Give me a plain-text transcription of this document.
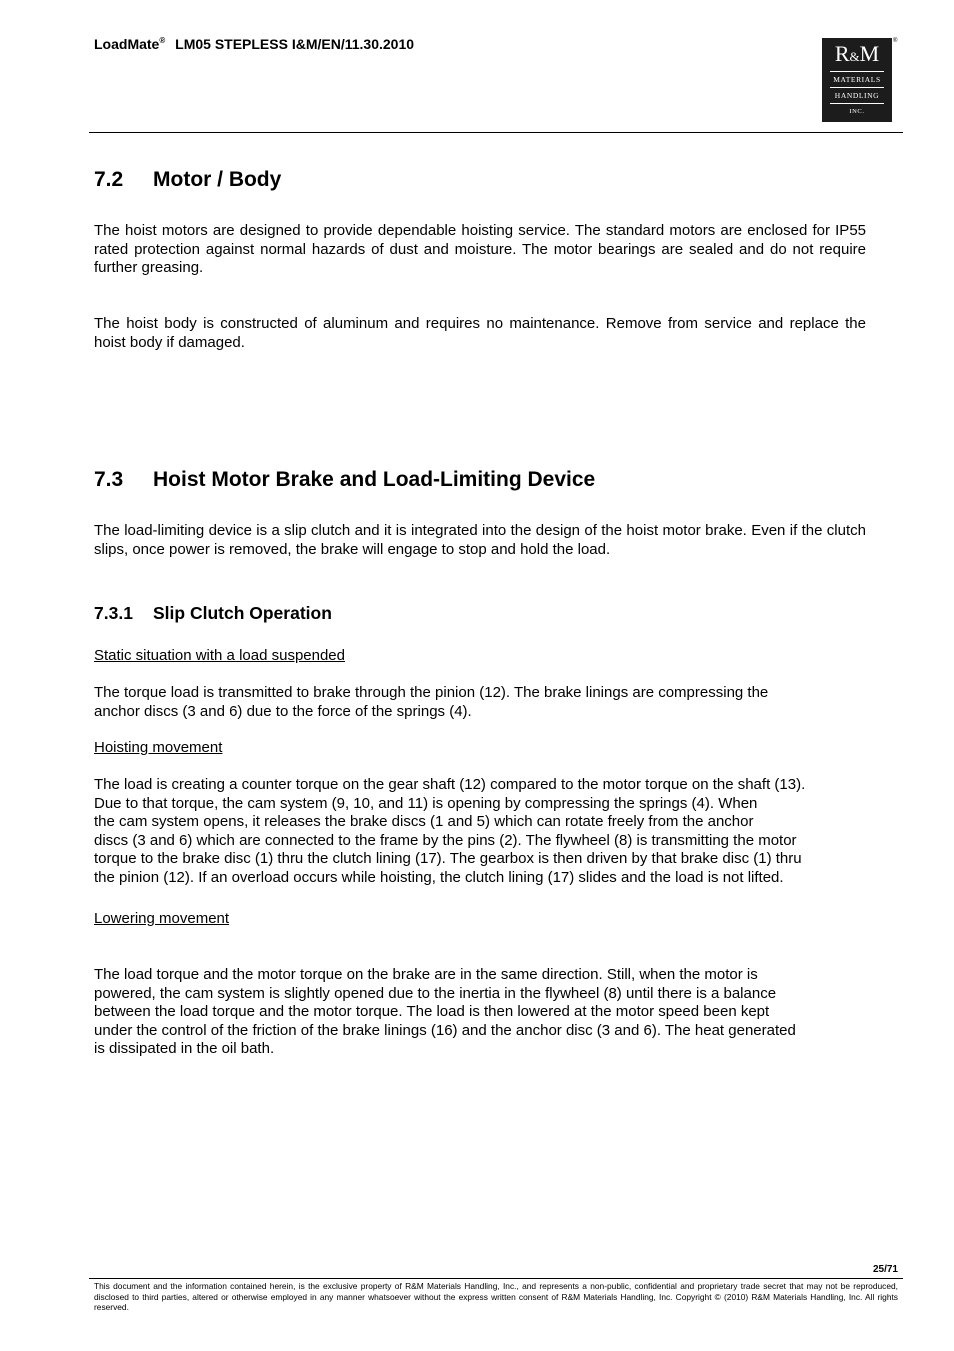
LoadMate® LM05 STEPLESS I&M/EN/11.30.2010	R&M
MATERIALS
HANDLING
INC.
®
7.2 Motor / Body
The hoist motors are designed to provide dependable hoisting service. The standard motors are enclosed for IP55 rated protection against normal hazards of dust and moisture. The motor bearings are sealed and do not require further greasing.
The hoist body is constructed of aluminum and requires no maintenance. Remove from service and replace the hoist body if damaged.
7.3 Hoist Motor Brake and Load-Limiting Device
The load-limiting device is a slip clutch and it is integrated into the design of the hoist motor brake. Even if the clutch slips, once power is removed, the brake will engage to stop and hold the load.
7.3.1 Slip Clutch Operation
Static situation with a load suspended
The torque load is transmitted to brake through the pinion (12). The brake linings are compressing the
anchor discs (3 and 6) due to the force of the springs (4).
Hoisting movement
The load is creating a counter torque on the gear shaft (12) compared to the motor torque on the shaft (13).
Due to that torque, the cam system (9, 10, and 11) is opening by compressing the springs (4). When
the cam system opens, it releases the brake discs (1 and 5) which can rotate freely from the anchor
discs (3 and 6) which are connected to the frame by the pins (2). The flywheel (8) is transmitting the motor
torque to the brake disc (1) thru the clutch lining (17). The gearbox is then driven by that brake disc (1) thru
the pinion (12). If an overload occurs while hoisting, the clutch lining (17) slides and the load is not lifted.
Lowering movement
The load torque and the motor torque on the brake are in the same direction. Still, when the motor is
powered, the cam system is slightly opened due to the inertia in the flywheel (8) until there is a balance
between the load torque and the motor torque. The load is then lowered at the motor speed been kept
under the control of the friction of the brake linings (16) and the anchor disc (3 and 6). The heat generated
is dissipated in the oil bath.
25/71
This document and the information contained herein, is the exclusive property of R&M Materials Handling, Inc., and represents a non-public, confidential and proprietary trade secret that may not be reproduced, disclosed to third parties, altered or otherwise employed in any manner whatsoever without the express written consent of R&M Materials Handling, Inc. Copyright © (2010) R&M Materials Handling, Inc. All rights reserved.
